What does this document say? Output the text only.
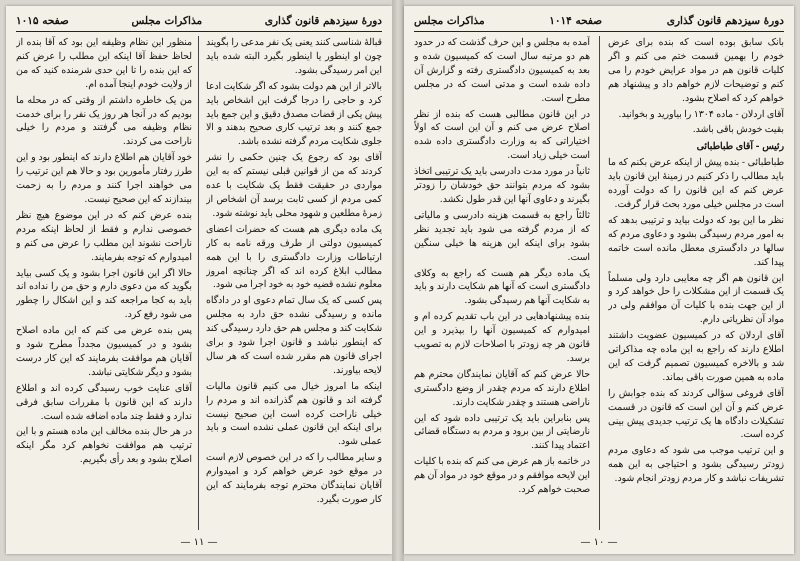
دورهٔ سیزدهم قانون گذاری
مذاکرات مجلس
صفحه ۱۰۱۵

قبالهٔ شناسی کنند یعنی یک نفر مدعی را بگویند چون او اینطور یا اینطور بگیرد البته شده باید این امر رسیدگی بشود.

بالاتر از این هم دولت بشود که اگر شکایت ادعا کرد و حاجی را درجا گرفت این اشخاص باید پیش یکی از قضات مصدق دقیق و این جمع باید جمع کنند و بعد ترتیب کاری صحیح بدهند و الا جلوی شکایت مردم گرفته نشده باشد.

آقای بود که رجوع یک چنین حکمی را نشر کردند که من از قوانین قبلی نیستم که به این مواردی در حقیقت فقط یک شکایت با عده کمی مردم از کسی ثابت برسد آن اشخاص از زمرهٔ مطلعین و شهود محلی باید نوشته شود.

یک ماده دیگری هم هست که حضرات اعضای کمیسیون دولتی از طرف ورقه نامه به کار ارتباطات وزارت دادگستری را با این همه مطالب ابلاغ کرده اند که اگر چنانچه امروز معلوم نشده قضیه خود به خود اجرا می شود.

پس کسی که یک سال تمام دعوی او در دادگاه مانده و رسیدگی نشده حق دارد به مجلس شکایت کند و مجلس هم حق دارد رسیدگی کند که اینطور نباشد و قانون اجرا شود و برای اجرای قانون هم مقرر شده است که هر سال لایحه بیاورند.

اینکه ما امروز خیال می کنیم قانون مالیات گرفته اند و قانون هم گذرانده اند و مردم را خیلی ناراحت کرده است این صحیح نیست برای اینکه این قانون عملی نشده است و باید عملی شود.

و سایر مطالب را که در این خصوص لازم است در موقع خود عرض خواهم کرد و امیدوارم آقایان نمایندگان محترم توجه بفرمایند که این کار صورت بگیرد.

منظور این نظام وظیفه این بود که آقا بنده از لحاظ حفظ آقا اینکه این مطلب را عرض کنم که این بنده را تا این حدی شرمنده کنید که من از ولایت خودم اینجا آمده ام.

من یک خاطره داشتم از وقتی که در محله ما بودیم که در آنجا هر روز یک نفر را برای خدمت نظام وظیفه می گرفتند و مردم را خیلی ناراحت می کردند.

خود آقایان هم اطلاع دارند که اینطور بود و این طرز رفتار مأمورین بود و حالا هم این ترتیب را می خواهند اجرا کنند و مردم را به زحمت بیندازند که این صحیح نیست.

بنده عرض کنم که در این موضوع هیچ نظر خصوصی ندارم و فقط از لحاظ اینکه مردم ناراحت نشوند این مطلب را عرض می کنم و امیدوارم که توجه بفرمایند.

حالا اگر این قانون اجرا بشود و یک کسی بیاید بگوید که من دعوی دارم و حق من را نداده اند باید به کجا مراجعه کند و این اشکال را چطور می شود رفع کرد.

پس بنده عرض می کنم که این ماده اصلاح بشود و در کمیسیون مجدداً مطرح شود و آقایان هم موافقت بفرمایند که این کار درست بشود و دیگر شکایتی نباشد.

آقای عنایت خوب رسیدگی کرده اند و اطلاع دارند که این قانون با مقررات سابق فرقی ندارد و فقط چند ماده اضافه شده است.

در هر حال بنده مخالف این ماده هستم و با این ترتیب هم موافقت نخواهم کرد مگر اینکه اصلاح بشود و بعد رأی بگیریم.

— ۱۱ —
دورهٔ سیزدهم قانون گذاری
صفحه ۱۰۱۴
مذاکرات مجلس

بانک سابق بوده است که بنده برای عرض خودم را بهمین قسمت ختم می کنم و اگر کلیات قانون هم در مواد عرایض خودم را می کنم و توضیحات لازم خواهم داد و پیشنهاد هم خواهم کرد که اصلاح بشود.

آقای اردلان - ماده ۱۳۰۴ را بیاورید و بخوانید.

بقیت خودش باقی باشد.

رئیس - آقای طباطبائی

طباطبائی - بنده پیش از اینکه عرض بکنم که ما باید مطالب را ذکر کنیم در زمینهٔ این قانون باید عرض کنم که این قانون را که دولت آورده است در مجلس خیلی مورد بحث قرار گرفت.

نظر ما این بود که دولت بیاید و ترتیبی بدهد که به امور مردم رسیدگی بشود و دعاوی مردم که سالها در دادگستری معطل مانده است خاتمه پیدا کند.

این قانون هم اگر چه معایبی دارد ولی مسلماً یک قسمت از این مشکلات را حل خواهد کرد و از این جهت بنده با کلیات آن موافقم ولی در مواد آن نظریاتی دارم.

آقای اردلان که در کمیسیون عضویت داشتند اطلاع دارند که راجع به این ماده چه مذاکراتی شد و بالاخره کمیسیون تصمیم گرفت که این ماده به همین صورت باقی بماند.

آقای فروغی سؤالی کردند که بنده جوابش را عرض کنم و آن این است که قانون در قسمت تشکیلات دادگاه ها یک ترتیب جدیدی پیش بینی کرده است.

و این ترتیب موجب می شود که دعاوی مردم زودتر رسیدگی بشود و احتیاجی به این همه تشریفات نباشد و کار مردم زودتر انجام شود.

آمده به مجلس و این حرف گذشت که در حدود هم دو مرتبه سال است که کمیسیون شده و بعد به کمیسیون دادگستری رفته و گزارش آن داده شده است و مدتی است که در مجلس مطرح است.

در این قانون مطالبی هست که بنده از نظر اصلاح عرض می کنم و آن این است که اولاً اختیاراتی که به وزارت دادگستری داده شده است خیلی زیاد است.

ثانیاً در مورد مدت دادرسی باید یک ترتیبی اتخاذ بشود که مردم بتوانند حق خودشان را زودتر بگیرند و دعاوی آنها این قدر طول نکشد.

ثالثاً راجع به قسمت هزینه دادرسی و مالیاتی که از مردم گرفته می شود باید تجدید نظر بشود برای اینکه این هزینه ها خیلی سنگین است.

یک ماده دیگر هم هست که راجع به وکلای دادگستری است که آنها هم شکایت دارند و باید به شکایت آنها هم رسیدگی بشود.

بنده پیشنهادهایی در این باب تقدیم کرده ام و امیدوارم که کمیسیون آنها را بپذیرد و این قانون هر چه زودتر با اصلاحات لازم به تصویب برسد.

حالا عرض کنم که آقایان نمایندگان محترم هم اطلاع دارند که مردم چقدر از وضع دادگستری ناراضی هستند و چقدر شکایت دارند.

پس بنابراین باید یک ترتیبی داده شود که این نارضایتی از بین برود و مردم به دستگاه قضائی اعتماد پیدا کنند.

در خاتمه باز هم عرض می کنم که بنده با کلیات این لایحه موافقم و در موقع خود در مواد آن هم صحبت خواهم کرد.

— ۱۰ —
